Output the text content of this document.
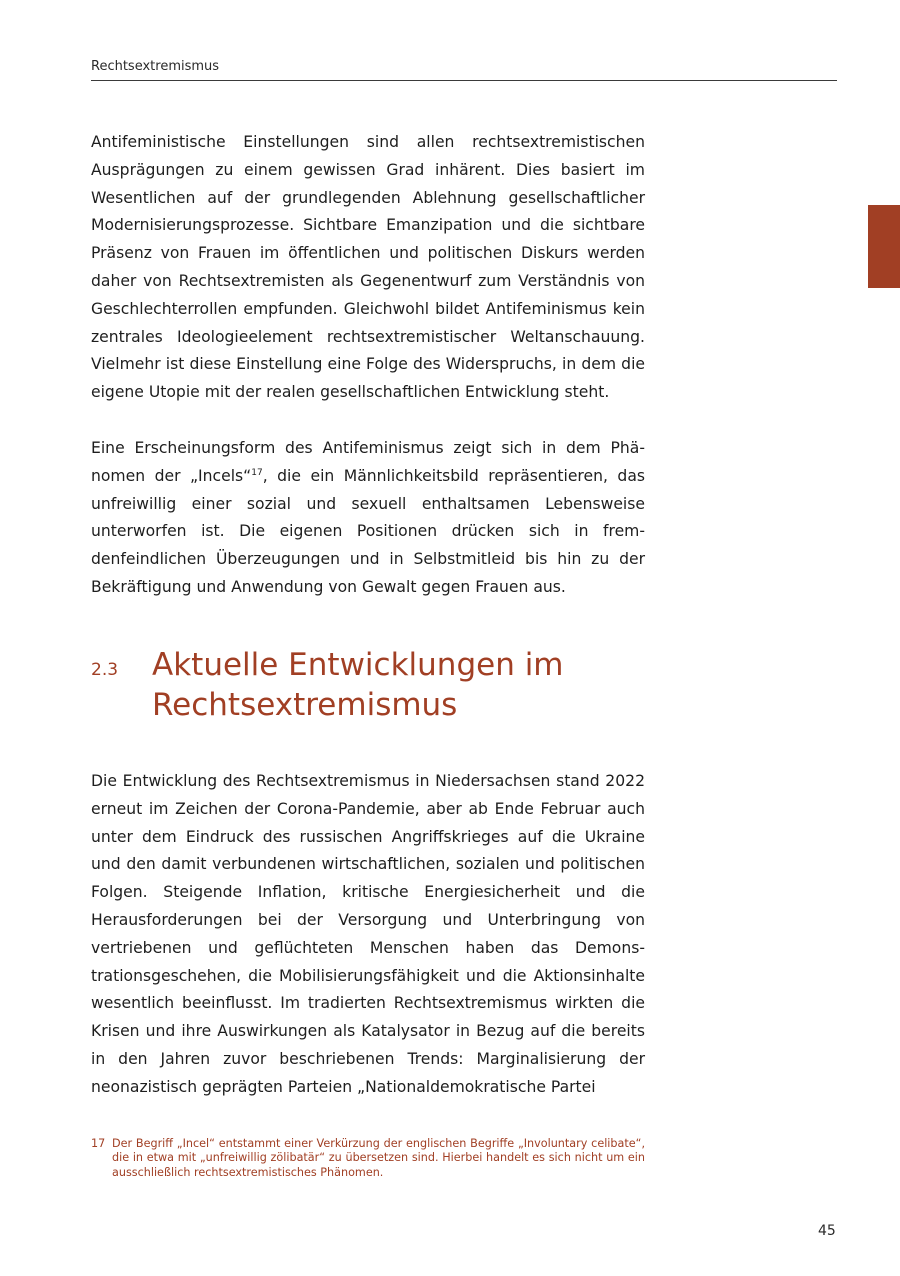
Rechtsextremismus

Antifeministische Einstellungen sind allen rechtsextremistischen Ausprägungen zu einem gewissen Grad inhärent. Dies basiert im Wesentlichen auf der grundlegenden Ablehnung gesellschaftlicher Modernisierungsprozesse. Sichtbare Emanzipation und die sichtbare Präsenz von Frauen im öffentlichen und politischen Diskurs werden daher von Rechtsextremisten als Gegenentwurf zum Verständnis von Geschlechterrollen empfunden. Gleichwohl bildet Antifeminismus kein zentrales Ideologieelement rechtsextremistischer Weltanschauung. Vielmehr ist diese Einstellung eine Folge des Widerspruchs, in dem die eigene Utopie mit der realen gesellschaftlichen Entwicklung steht.

Eine Erscheinungsform des Antifeminismus zeigt sich in dem Phänomen der „Incels“$^{17}$, die ein Männlichkeitsbild repräsentieren, das unfreiwillig einer sozial und sexuell enthaltsamen Lebensweise unterworfen ist. Die eigenen Positionen drücken sich in fremdenfeindlichen Überzeugungen und in Selbstmitleid bis hin zu der Bekräftigung und Anwendung von Gewalt gegen Frauen aus.

2.3 Aktuelle Entwicklungen im Rechtsextremismus

Die Entwicklung des Rechtsextremismus in Niedersachsen stand 2022 erneut im Zeichen der Corona-Pandemie, aber ab Ende Februar auch unter dem Eindruck des russischen Angriffskrieges auf die Ukraine und den damit verbundenen wirtschaftlichen, sozialen und politischen Folgen. Steigende Inflation, kritische Energiesicherheit und die Herausforderungen bei der Versorgung und Unterbringung von vertriebenen und geflüchteten Menschen haben das Demonstrationsgeschehen, die Mobilisierungsfähigkeit und die Aktionsinhalte wesentlich beeinflusst. Im tradierten Rechtsextremismus wirkten die Krisen und ihre Auswirkungen als Katalysator in Bezug auf die bereits in den Jahren zuvor beschriebenen Trends: Marginalisierung der neonazistisch geprägten Parteien „Nationaldemokratische Partei

17 Der Begriff „Incel“ entstammt einer Verkürzung der englischen Begriffe „Involuntary celibate“, die in etwa mit „unfreiwillig zölibatär“ zu übersetzen sind. Hierbei handelt es sich nicht um ein ausschließlich rechtsextremistisches Phänomen.
45
